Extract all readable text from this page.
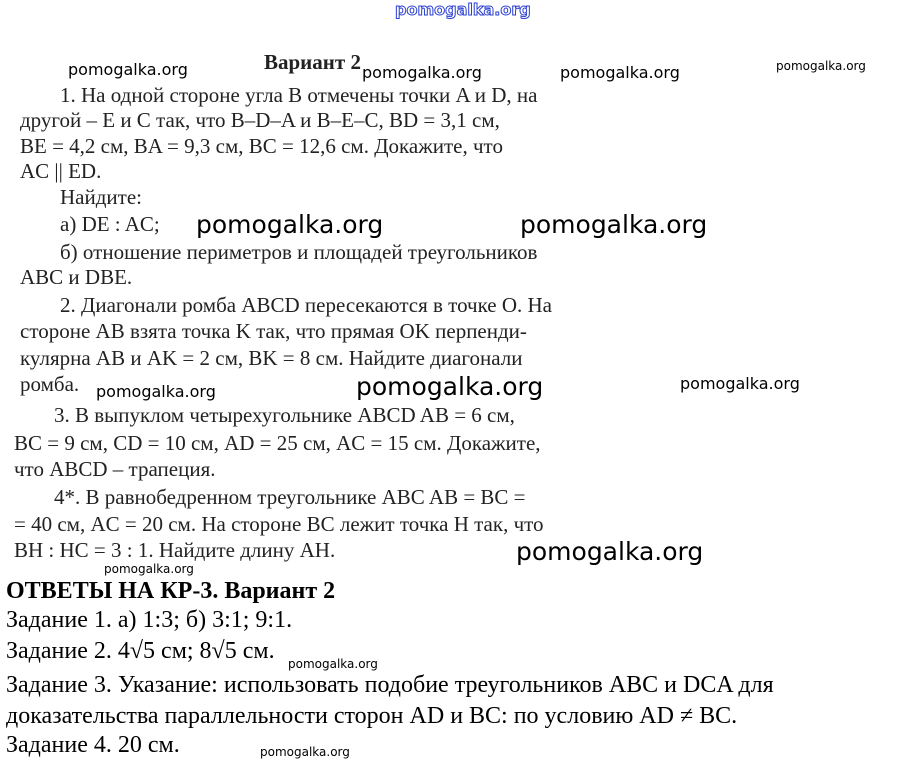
pomogalka.org
Вариант 2
1. На одной стороне угла B отмечены точки A и D, на
другой – E и C так, что B–D–A и B–E–C, BD = 3,1 см,
BE = 4,2 см, BA = 9,3 см, BC = 12,6 см. Докажите, что
AC || ED.
Найдите:
а) DE : AC;
б) отношение периметров и площадей треугольников
ABC и DBE.
2. Диагонали ромба ABCD пересекаются в точке O. На
стороне AB взята точка K так, что прямая OK перпенди-
кулярна AB и AK = 2 см, BK = 8 см. Найдите диагонали
ромба.
3. В выпуклом четырехугольнике ABCD AB = 6 см,
BC = 9 см, CD = 10 см, AD = 25 см, AC = 15 см. Докажите,
что ABCD – трапеция.
4*. В равнобедренном треугольнике ABC AB = BC =
= 40 см, AC = 20 см. На стороне BC лежит точка H так, что
BH : HC = 3 : 1. Найдите длину AH.
ОТВЕТЫ НА КР-3. Вариант 2
Задание 1. а) 1:3; б) 3:1; 9:1.
Задание 2. 4√5 см; 8√5 см.
Задание 3. Указание: использовать подобие треугольников ABC и DCA для
доказательства параллельности сторон AD и BC: по условию AD ≠ BC.
Задание 4. 20 см.
pomogalka.org	pomogalka.org	pomogalka.org	pomogalka.org
pomogalka.org	pomogalka.org
pomogalka.org	pomogalka.org	pomogalka.org
pomogalka.org
pomogalka.org
pomogalka.org
pomogalka.org
